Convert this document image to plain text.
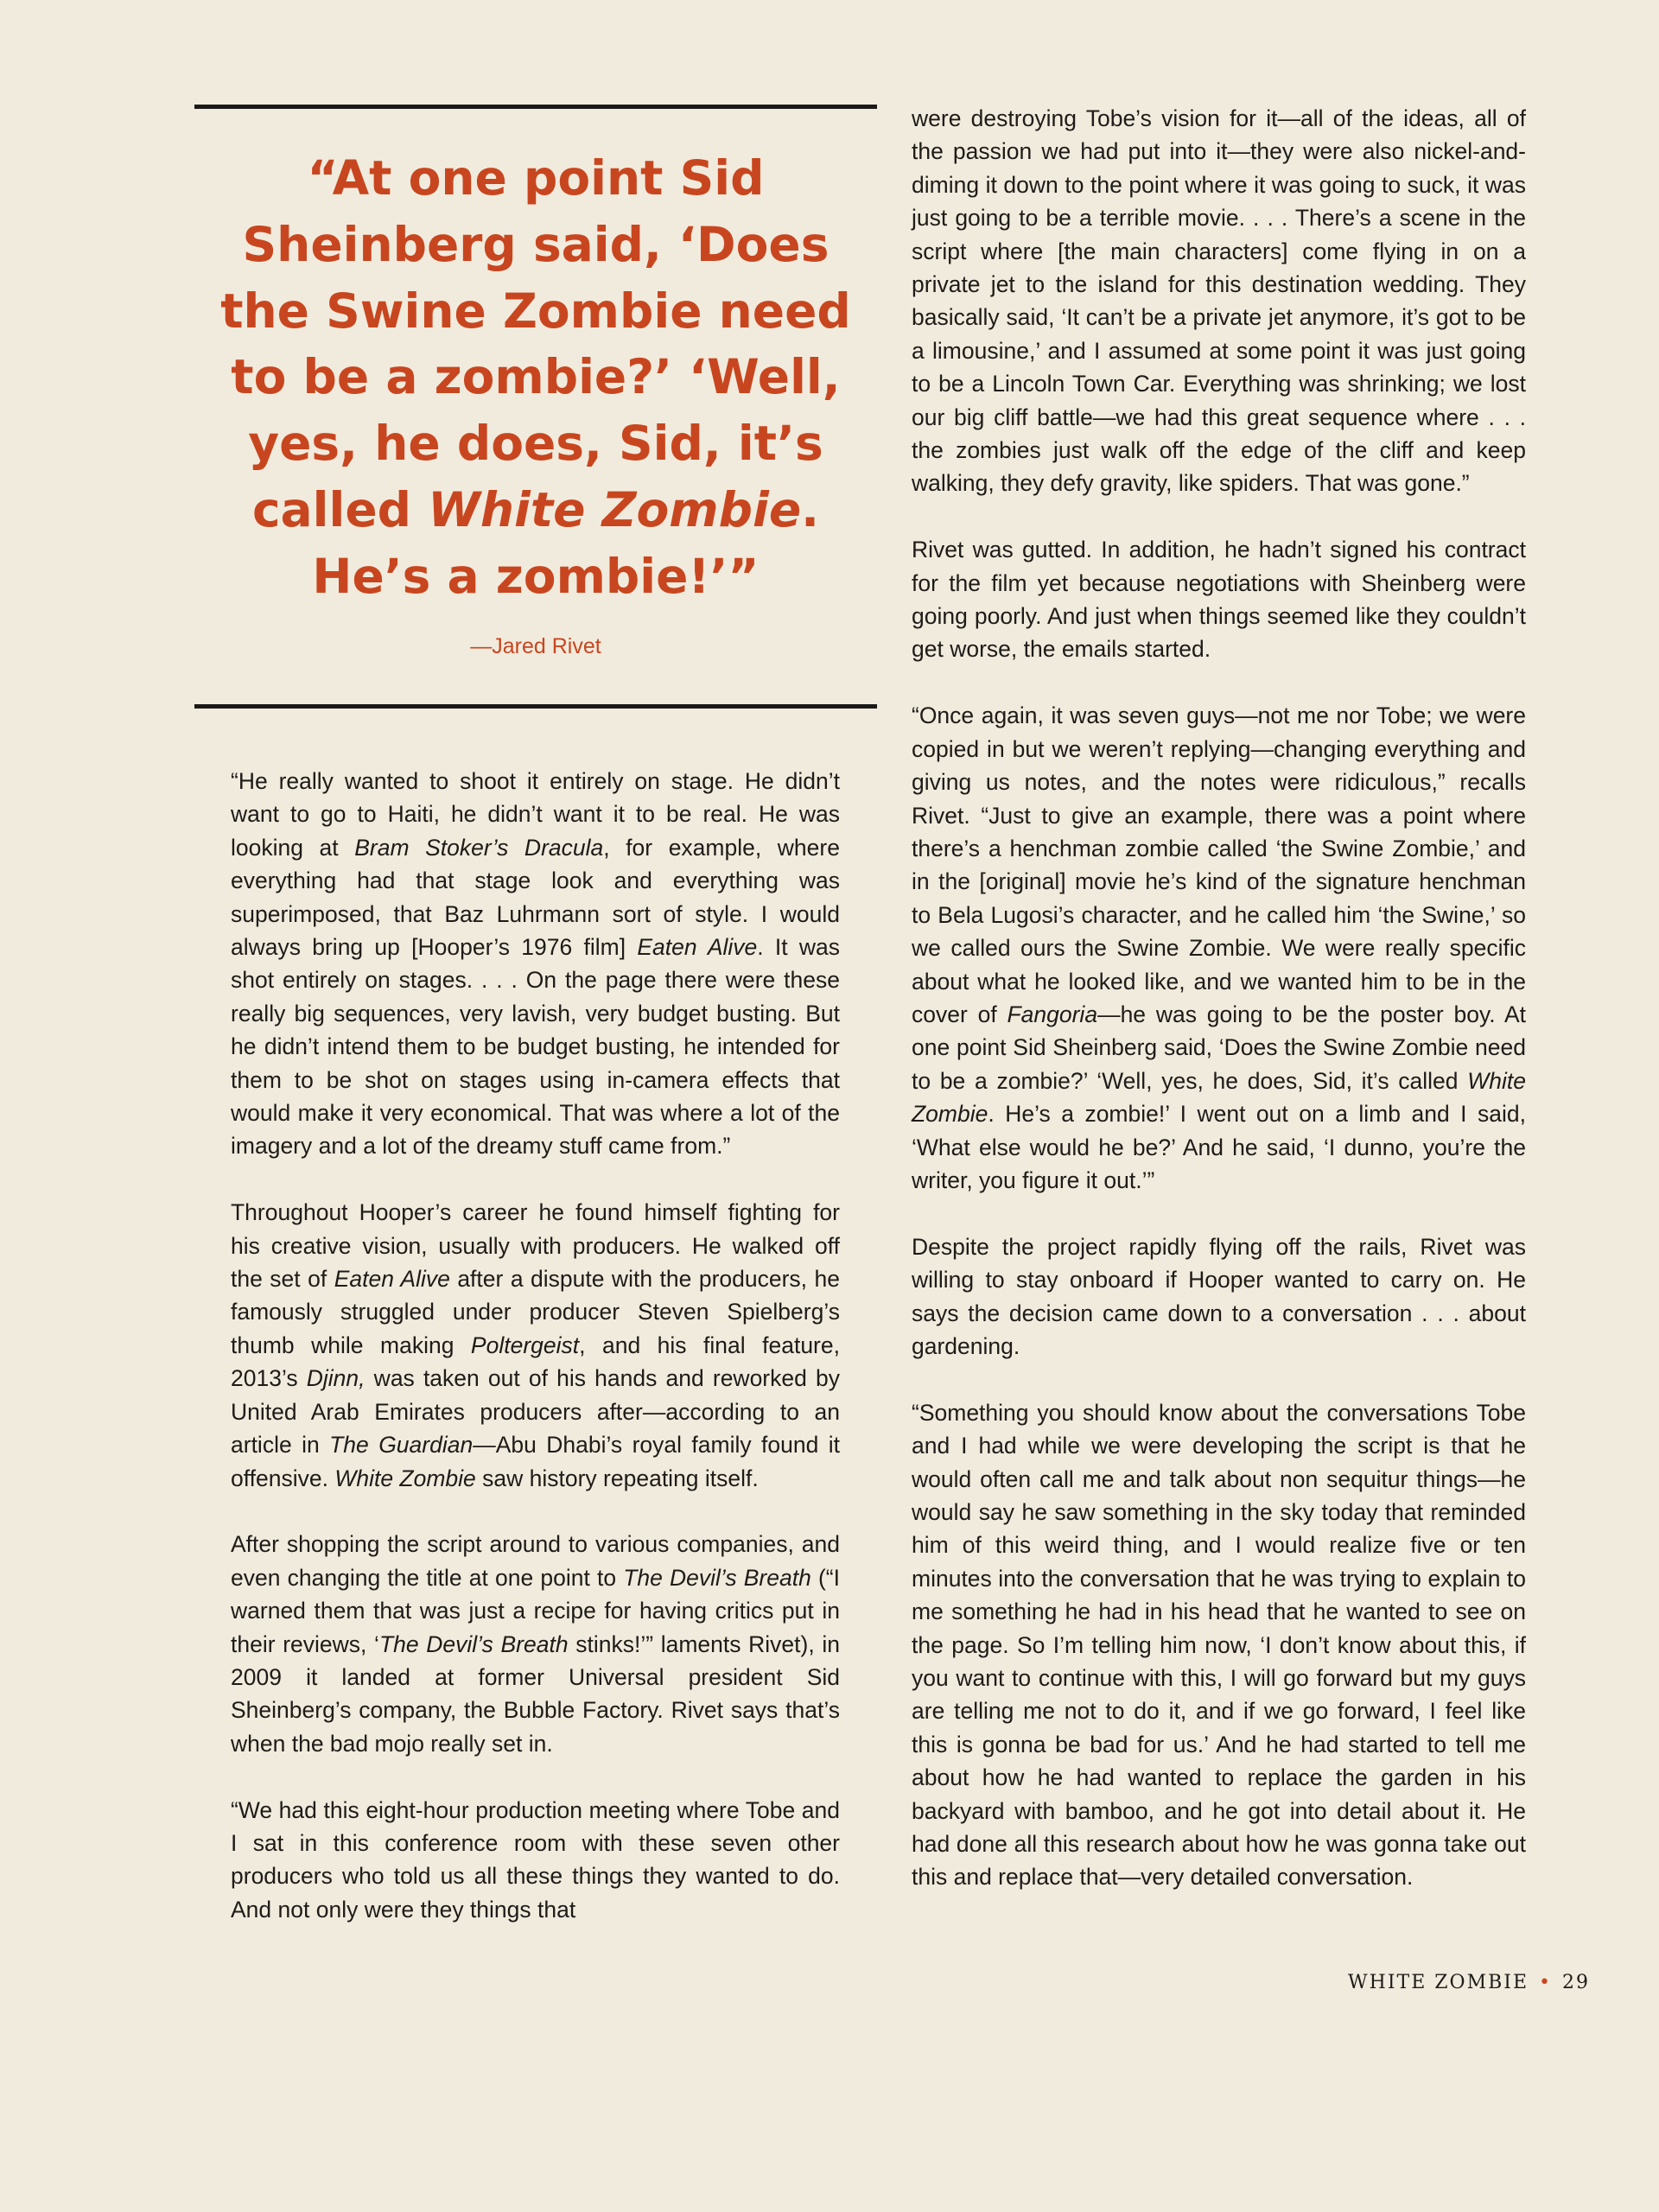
“At one point Sid
Sheinberg said, ‘Does
the Swine Zombie need
to be a zombie?’ ‘Well,
yes, he does, Sid, it’s
called White Zombie.
He’s a zombie!’”
—Jared Rivet

“He really wanted to shoot it entirely on stage. He didn’t want to go to Haiti, he didn’t want it to be real. He was looking at Bram Stoker’s Dracula, for example, where everything had that stage look and everything was superimposed, that Baz Luhrmann sort of style. I would always bring up [Hooper’s 1976 film] Eaten Alive. It was shot entirely on stages. . . . On the page there were these really big sequences, very lavish, very budget busting. But he didn’t intend them to be budget busting, he intended for them to be shot on stages using in-camera effects that would make it very economical. That was where a lot of the imagery and a lot of the dreamy stuff came from.”

Throughout Hooper’s career he found himself fighting for his creative vision, usually with producers. He walked off the set of Eaten Alive after a dispute with the producers, he famously struggled under producer Steven Spielberg’s thumb while making Poltergeist, and his final feature, 2013’s Djinn, was taken out of his hands and reworked by United Arab Emirates producers after—according to an article in The Guardian—Abu Dhabi’s royal family found it offensive. White Zombie saw history repeating itself.

After shopping the script around to various companies, and even changing the title at one point to The Devil’s Breath (“I warned them that was just a recipe for having critics put in their reviews, ‘The Devil’s Breath stinks!’” laments Rivet), in 2009 it landed at former Universal president Sid Sheinberg’s company, the Bubble Factory. Rivet says that’s when the bad mojo really set in.

“We had this eight-hour production meeting where Tobe and I sat in this conference room with these seven other producers who told us all these things they wanted to do. And not only were they things that

were destroying Tobe’s vision for it—all of the ideas, all of the passion we had put into it—they were also nickel-and-diming it down to the point where it was going to suck, it was just going to be a terrible movie. . . . There’s a scene in the script where [the main characters] come flying in on a private jet to the island for this destination wedding. They basically said, ‘It can’t be a private jet anymore, it’s got to be a limousine,’ and I assumed at some point it was just going to be a Lincoln Town Car. Everything was shrinking; we lost our big cliff battle—we had this great sequence where . . . the zombies just walk off the edge of the cliff and keep walking, they defy gravity, like spiders. That was gone.”

Rivet was gutted. In addition, he hadn’t signed his contract for the film yet because negotiations with Sheinberg were going poorly. And just when things seemed like they couldn’t get worse, the emails started.

“Once again, it was seven guys—not me nor Tobe; we were copied in but we weren’t replying—changing everything and giving us notes, and the notes were ridiculous,” recalls Rivet. “Just to give an example, there was a point where there’s a henchman zombie called ‘the Swine Zombie,’ and in the [original] movie he’s kind of the signature henchman to Bela Lugosi’s character, and he called him ‘the Swine,’ so we called ours the Swine Zombie. We were really specific about what he looked like, and we wanted him to be in the cover of Fangoria—he was going to be the poster boy. At one point Sid Sheinberg said, ‘Does the Swine Zombie need to be a zombie?’ ‘Well, yes, he does, Sid, it’s called White Zombie. He’s a zombie!’ I went out on a limb and I said, ‘What else would he be?’ And he said, ‘I dunno, you’re the writer, you figure it out.’”

Despite the project rapidly flying off the rails, Rivet was willing to stay onboard if Hooper wanted to carry on. He says the decision came down to a conversation . . . about gardening.

“Something you should know about the conversations Tobe and I had while we were developing the script is that he would often call me and talk about non sequitur things—he would say he saw something in the sky today that reminded him of this weird thing, and I would realize five or ten minutes into the conversation that he was trying to explain to me something he had in his head that he wanted to see on the page. So I’m telling him now, ‘I don’t know about this, if you want to continue with this, I will go forward but my guys are telling me not to do it, and if we go forward, I feel like this is gonna be bad for us.’ And he had started to tell me about how he had wanted to replace the garden in his backyard with bamboo, and he got into detail about it. He had done all this research about how he was gonna take out this and replace that—very detailed conversation.

WHITE ZOMBIE • 29
